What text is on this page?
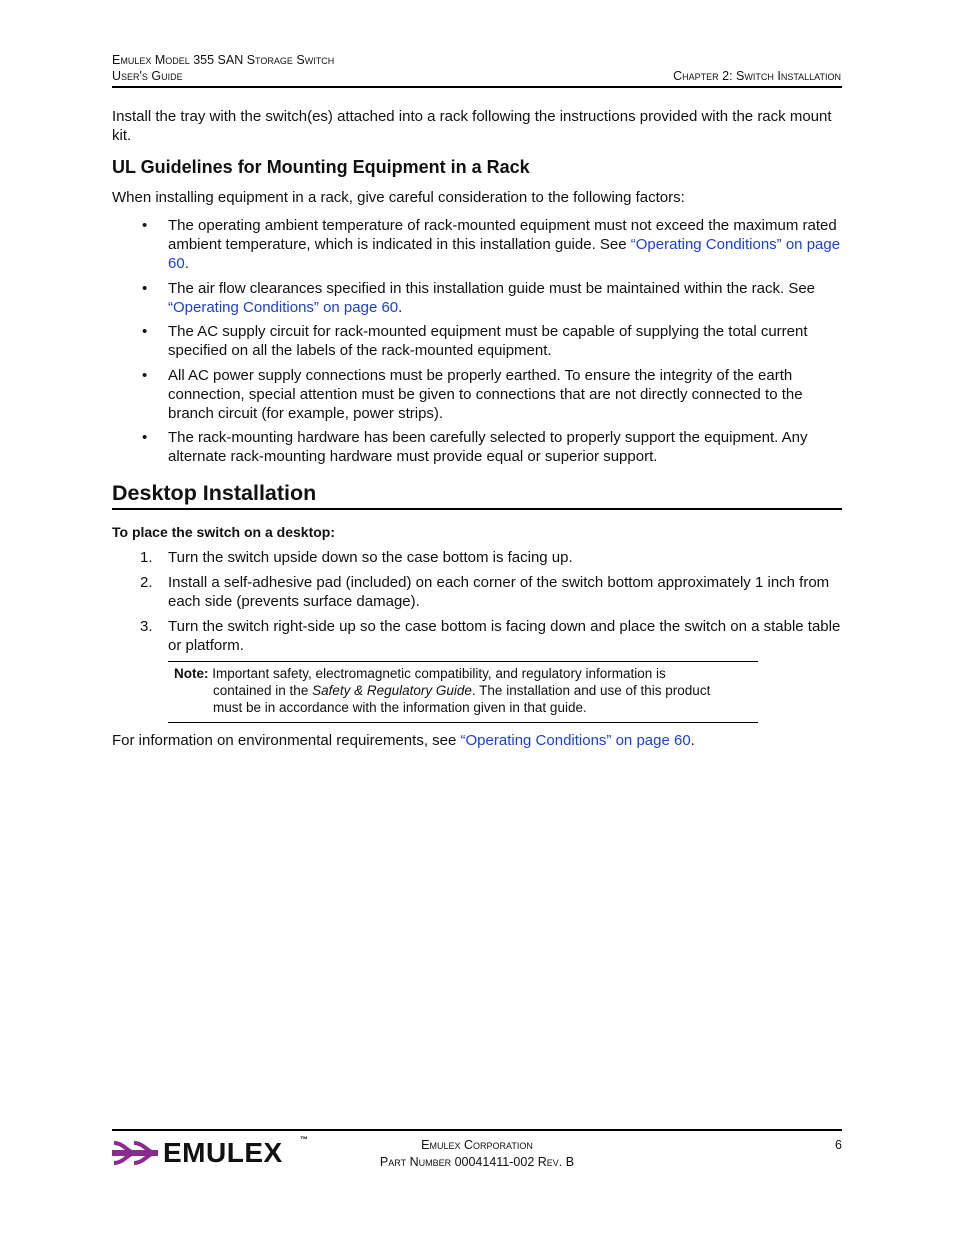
Emulex Model 355 SAN Storage Switch
User's Guide	Chapter 2: Switch Installation
Install the tray with the switch(es) attached into a rack following the instructions provided with the rack mount kit.
UL Guidelines for Mounting Equipment in a Rack
When installing equipment in a rack, give careful consideration to the following factors:
• The operating ambient temperature of rack-mounted equipment must not exceed the maximum rated ambient temperature, which is indicated in this installation guide. See “Operating Conditions” on page 60.
• The air flow clearances specified in this installation guide must be maintained within the rack. See “Operating Conditions” on page 60.
• The AC supply circuit for rack-mounted equipment must be capable of supplying the total current specified on all the labels of the rack-mounted equipment.
• All AC power supply connections must be properly earthed. To ensure the integrity of the earth connection, special attention must be given to connections that are not directly connected to the branch circuit (for example, power strips).
• The rack-mounting hardware has been carefully selected to properly support the equipment. Any alternate rack-mounting hardware must provide equal or superior support.
Desktop Installation
To place the switch on a desktop:
1. Turn the switch upside down so the case bottom is facing up.
2. Install a self-adhesive pad (included) on each corner of the switch bottom approximately 1 inch from each side (prevents surface damage).
3. Turn the switch right-side up so the case bottom is facing down and place the switch on a stable table or platform.
Note: Important safety, electromagnetic compatibility, and regulatory information is
contained in the Safety & Regulatory Guide. The installation and use of this product
must be in accordance with the information given in that guide.
For information on environmental requirements, see “Operating Conditions” on page 60.
EMULEX ™	Emulex Corporation
Part Number 00041411-002 Rev. B
6
